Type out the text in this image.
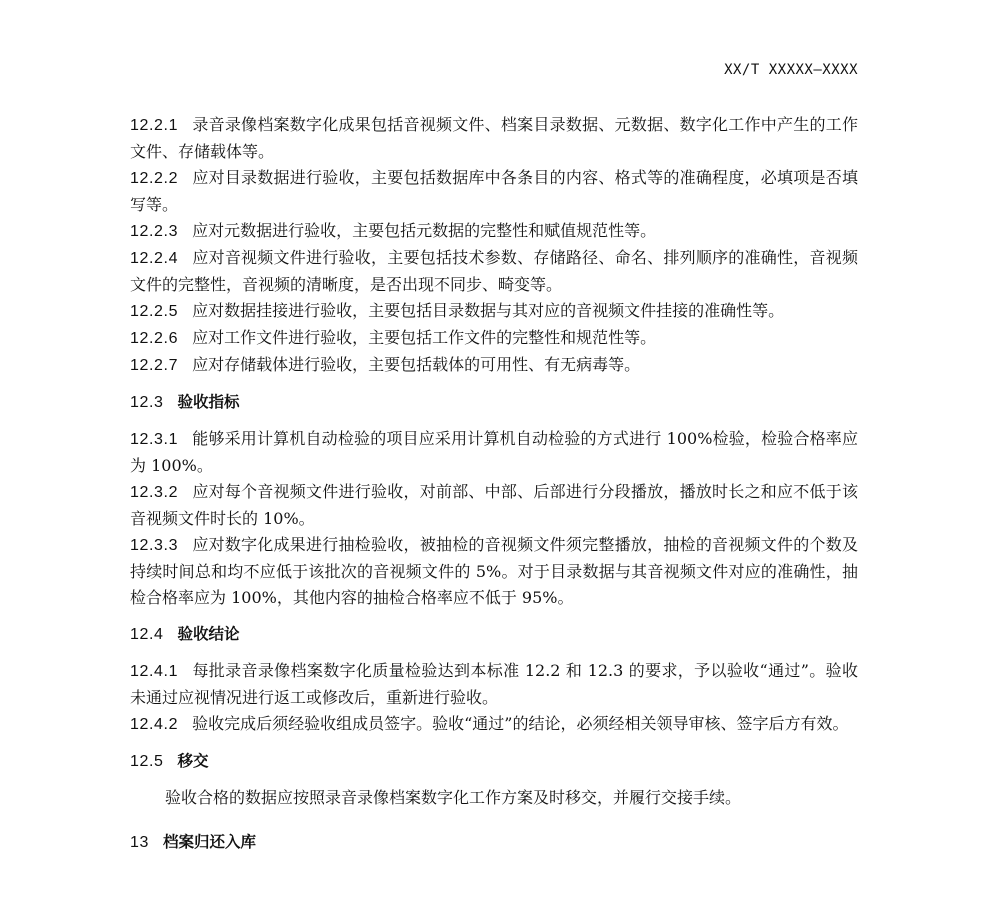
XX/T XXXXX—XXXX

12.2.1 录音录像档案数字化成果包括音视频文件、档案目录数据、元数据、数字化工作中产生的工作文件、存储载体等。

12.2.2 应对目录数据进行验收，主要包括数据库中各条目的内容、格式等的准确程度，必填项是否填写等。

12.2.3 应对元数据进行验收，主要包括元数据的完整性和赋值规范性等。

12.2.4 应对音视频文件进行验收，主要包括技术参数、存储路径、命名、排列顺序的准确性，音视频文件的完整性，音视频的清晰度，是否出现不同步、畸变等。

12.2.5 应对数据挂接进行验收，主要包括目录数据与其对应的音视频文件挂接的准确性等。

12.2.6 应对工作文件进行验收，主要包括工作文件的完整性和规范性等。

12.2.7 应对存储载体进行验收，主要包括载体的可用性、有无病毒等。

12.3 验收指标

12.3.1 能够采用计算机自动检验的项目应采用计算机自动检验的方式进行 100%检验，检验合格率应为 100%。

12.3.2 应对每个音视频文件进行验收，对前部、中部、后部进行分段播放，播放时长之和应不低于该音视频文件时长的 10%。

12.3.3 应对数字化成果进行抽检验收，被抽检的音视频文件须完整播放，抽检的音视频文件的个数及持续时间总和均不应低于该批次的音视频文件的 5%。对于目录数据与其音视频文件对应的准确性，抽检合格率应为 100%，其他内容的抽检合格率应不低于 95%。

12.4 验收结论

12.4.1 每批录音录像档案数字化质量检验达到本标准 12.2 和 12.3 的要求，予以验收“通过”。验收未通过应视情况进行返工或修改后，重新进行验收。

12.4.2 验收完成后须经验收组成员签字。验收“通过”的结论，必须经相关领导审核、签字后方有效。

12.5 移交

验收合格的数据应按照录音录像档案数字化工作方案及时移交，并履行交接手续。

13 档案归还入库
